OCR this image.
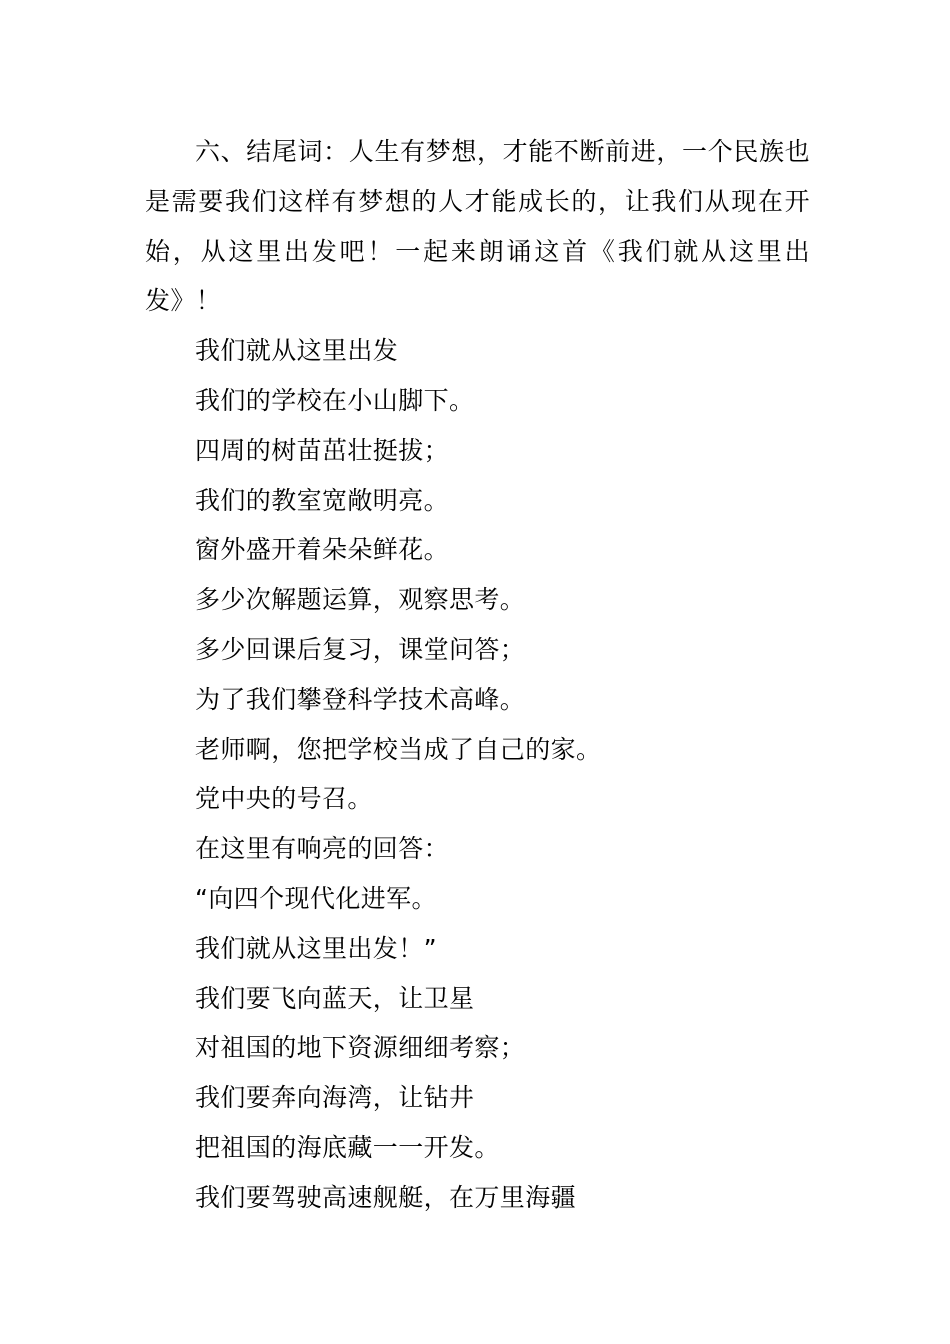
六、结尾词：人生有梦想，才能不断前进，一个民族也是需要我们这样有梦想的人才能成长的，让我们从现在开始，从这里出发吧！一起来朗诵这首《我们就从这里出发》！

我们就从这里出发
我们的学校在小山脚下。
四周的树苗茁壮挺拔；
我们的教室宽敞明亮。
窗外盛开着朵朵鲜花。
多少次解题运算，观察思考。
多少回课后复习，课堂问答；
为了我们攀登科学技术高峰。
老师啊，您把学校当成了自己的家。
党中央的号召。
在这里有响亮的回答：
“向四个现代化进军。
我们就从这里出发！”
我们要飞向蓝天，让卫星
对祖国的地下资源细细考察；
我们要奔向海湾，让钻井
把祖国的海底藏一一开发。
我们要驾驶高速舰艇，在万里海疆
